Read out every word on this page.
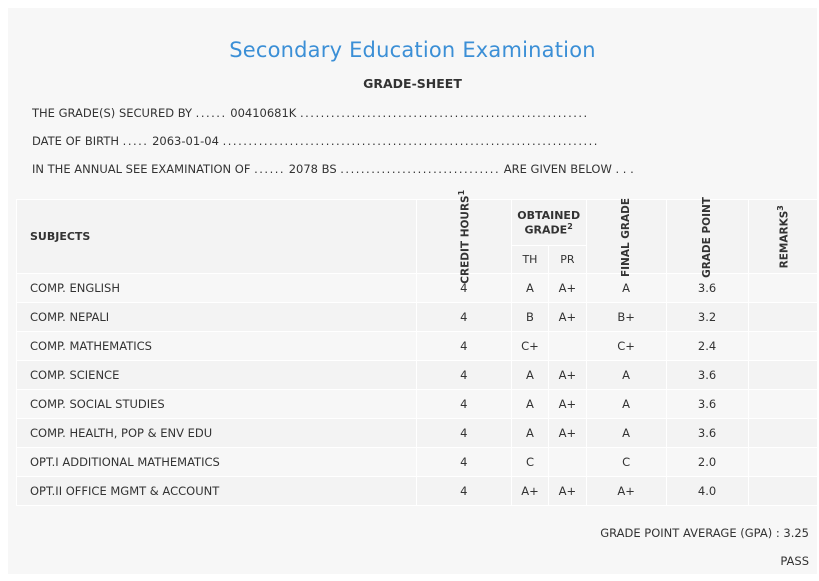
Secondary Education Examination
GRADE-SHEET
THE GRADE(S) SECURED BY ...... 00410681K ........................................................
DATE OF BIRTH ..... 2063-01-04 .........................................................................
IN THE ANNUAL SEE EXAMINATION OF ...... 2078 BS ............................... ARE GIVEN BELOW . . .
SUBJECTS	CREDIT HOURS$^1$	OBTAINED GRADE$^2$		FINAL GRADE	GRADE POINT	REMARKS$^3$
		TH	PR			
COMP. ENGLISH	4	A	A+	A	3.6	
COMP. NEPALI	4	B	A+	B+	3.2	
COMP. MATHEMATICS	4	C+		C+	2.4	
COMP. SCIENCE	4	A	A+	A	3.6	
COMP. SOCIAL STUDIES	4	A	A+	A	3.6	
COMP. HEALTH, POP & ENV EDU	4	A	A+	A	3.6	
OPT.I ADDITIONAL MATHEMATICS	4	C		C	2.0	
OPT.II OFFICE MGMT & ACCOUNT	4	A+	A+	A+	4.0	
GRADE POINT AVERAGE (GPA) : 3.25
PASS
